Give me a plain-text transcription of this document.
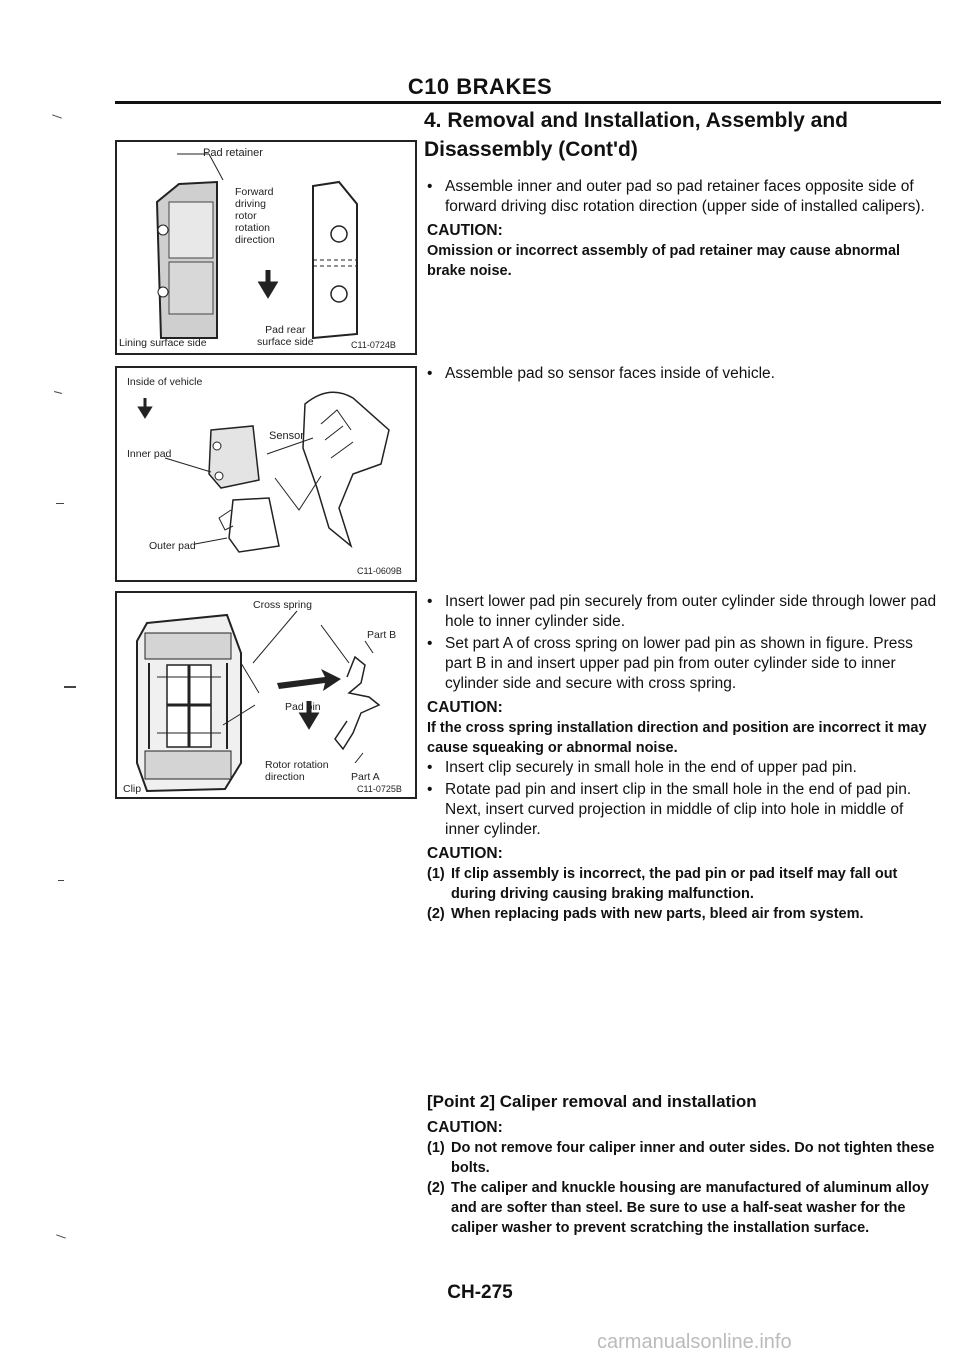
C10 BRAKES
4. Removal and Installation, Assembly and
Disassembly (Cont'd)
• Assemble inner and outer pad so pad retainer faces opposite side of forward driving disc rotation direction (upper side of installed calipers).
CAUTION:
Omission or incorrect assembly of pad retainer may cause abnormal brake noise.
• Assemble pad so sensor faces inside of vehicle.
• Insert lower pad pin securely from outer cylinder side through lower pad hole to inner cylinder side.
• Set part A of cross spring on lower pad pin as shown in figure. Press part B in and insert upper pad pin from outer cylinder side to inner cylinder side and secure with cross spring.
CAUTION:
If the cross spring installation direction and position are incorrect it may cause squeaking or abnormal noise.
• Insert clip securely in small hole in the end of upper pad pin.
• Rotate pad pin and insert clip in the small hole in the end of pad pin. Next, insert curved projection in middle of clip into hole in middle of inner cylinder.
CAUTION:
(1) If clip assembly is incorrect, the pad pin or pad itself may fall out during driving causing braking malfunction.
(2) When replacing pads with new parts, bleed air from system.
[Point 2] Caliper removal and installation
CAUTION:
(1) Do not remove four caliper inner and outer sides. Do not tighten these bolts.
(2) The caliper and knuckle housing are manufactured of aluminum alloy and are softer than steel. Be sure to use a half-seat washer for the caliper washer to prevent scratching the installation surface.
Pad retainer
Forward
driving
rotor
rotation
direction
Lining surface side
Pad rear
surface side	C11-0724B
Inside of vehicle
Inner pad
Sensor
Outer pad
C11-0609B
Cross spring
Part B
Pad pin
Rotor rotation
direction	Part A
Clip	C11-0725B
CH-275
carmanualsonline.info
